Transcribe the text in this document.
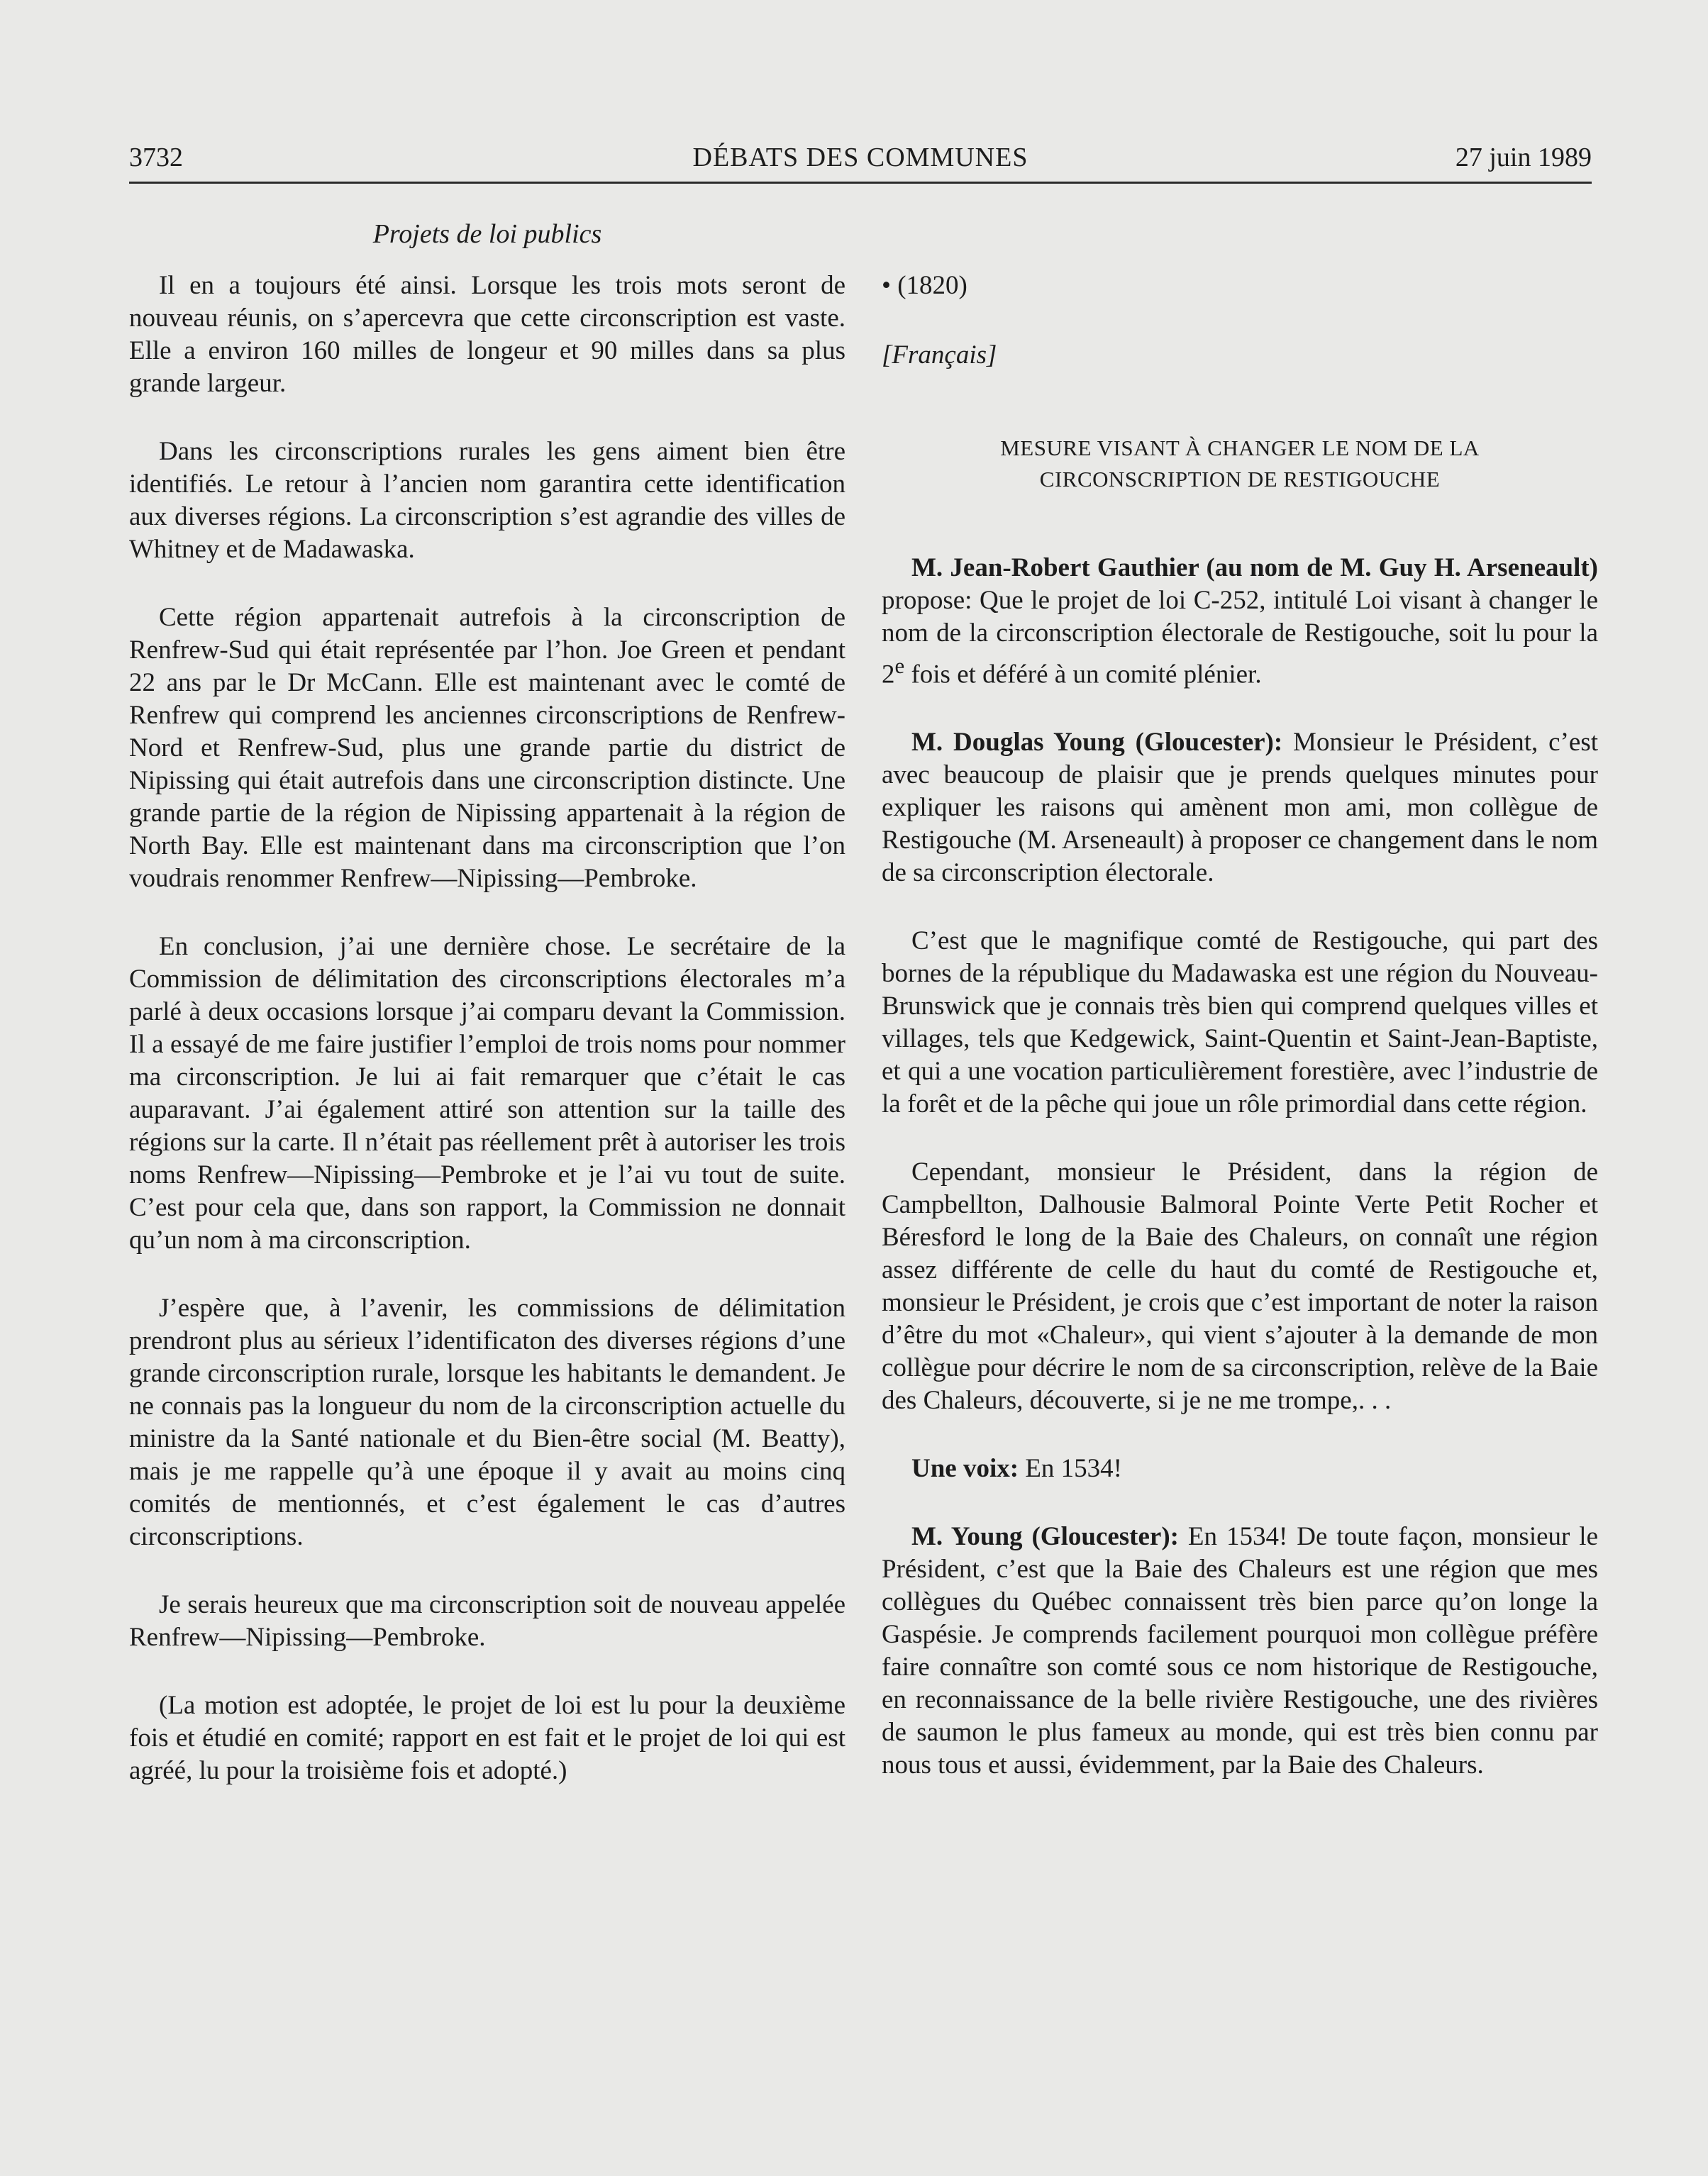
3732	DÉBATS DES COMMUNES	27 juin 1989
Projets de loi publics

Il en a toujours été ainsi. Lorsque les trois mots seront de nouveau réunis, on s’apercevra que cette circonscription est vaste. Elle a environ 160 milles de longeur et 90 milles dans sa plus grande largeur.

Dans les circonscriptions rurales les gens aiment bien être identifiés. Le retour à l’ancien nom garantira cette identification aux diverses régions. La circonscription s’est agrandie des villes de Whitney et de Madawaska.

Cette région appartenait autrefois à la circonscription de Renfrew-Sud qui était représentée par l’hon. Joe Green et pendant 22 ans par le Dr McCann. Elle est maintenant avec le comté de Renfrew qui comprend les anciennes circonscriptions de Renfrew-Nord et Renfrew-Sud, plus une grande partie du district de Nipissing qui était autrefois dans une circonscription distincte. Une grande partie de la région de Nipissing appartenait à la région de North Bay. Elle est maintenant dans ma circonscription que l’on voudrais renommer Renfrew—Nipissing—Pembroke.

En conclusion, j’ai une dernière chose. Le secrétaire de la Commission de délimitation des circonscriptions électorales m’a parlé à deux occasions lorsque j’ai comparu devant la Commission. Il a essayé de me faire justifier l’emploi de trois noms pour nommer ma circonscription. Je lui ai fait remarquer que c’était le cas auparavant. J’ai également attiré son attention sur la taille des régions sur la carte. Il n’était pas réellement prêt à autoriser les trois noms Renfrew—Nipissing—Pembroke et je l’ai vu tout de suite. C’est pour cela que, dans son rapport, la Commission ne donnait qu’un nom à ma circonscription.

J’espère que, à l’avenir, les commissions de délimitation prendront plus au sérieux l’identificaton des diverses régions d’une grande circonscription rurale, lorsque les habitants le demandent. Je ne connais pas la longueur du nom de la circonscription actuelle du ministre da la Santé nationale et du Bien-être social (M. Beatty), mais je me rappelle qu’à une époque il y avait au moins cinq comités de mentionnés, et c’est également le cas d’autres circonscriptions.

Je serais heureux que ma circonscription soit de nouveau appelée Renfrew—Nipissing—Pembroke.

(La motion est adoptée, le projet de loi est lu pour la deuxième fois et étudié en comité; rapport en est fait et le projet de loi qui est agréé, lu pour la troisième fois et adopté.)

• (1820)

[Français]

MESURE VISANT À CHANGER LE NOM DE LA
CIRCONSCRIPTION DE RESTIGOUCHE

M. Jean-Robert Gauthier (au nom de M. Guy H. Arseneault) propose: Que le projet de loi C-252, intitulé Loi visant à changer le nom de la circonscription électorale de Restigouche, soit lu pour la 2e fois et déféré à un comité plénier.

M. Douglas Young (Gloucester): Monsieur le Président, c’est avec beaucoup de plaisir que je prends quelques minutes pour expliquer les raisons qui amènent mon ami, mon collègue de Restigouche (M. Arseneault) à proposer ce changement dans le nom de sa circonscription électorale.

C’est que le magnifique comté de Restigouche, qui part des bornes de la république du Madawaska est une région du Nouveau-Brunswick que je connais très bien qui comprend quelques villes et villages, tels que Kedgewick, Saint-Quentin et Saint-Jean-Baptiste, et qui a une vocation particulièrement forestière, avec l’industrie de la forêt et de la pêche qui joue un rôle primordial dans cette région.

Cependant, monsieur le Président, dans la région de Campbellton, Dalhousie Balmoral Pointe Verte Petit Rocher et Béresford le long de la Baie des Chaleurs, on connaît une région assez différente de celle du haut du comté de Restigouche et, monsieur le Président, je crois que c’est important de noter la raison d’être du mot «Chaleur», qui vient s’ajouter à la demande de mon collègue pour décrire le nom de sa circonscription, relève de la Baie des Chaleurs, découverte, si je ne me trompe,. . .

Une voix: En 1534!

M. Young (Gloucester): En 1534! De toute façon, monsieur le Président, c’est que la Baie des Chaleurs est une région que mes collègues du Québec connaissent très bien parce qu’on longe la Gaspésie. Je comprends facilement pourquoi mon collègue préfère faire connaître son comté sous ce nom historique de Restigouche, en reconnaissance de la belle rivière Restigouche, une des rivières de saumon le plus fameux au monde, qui est très bien connu par nous tous et aussi, évidemment, par la Baie des Chaleurs.
